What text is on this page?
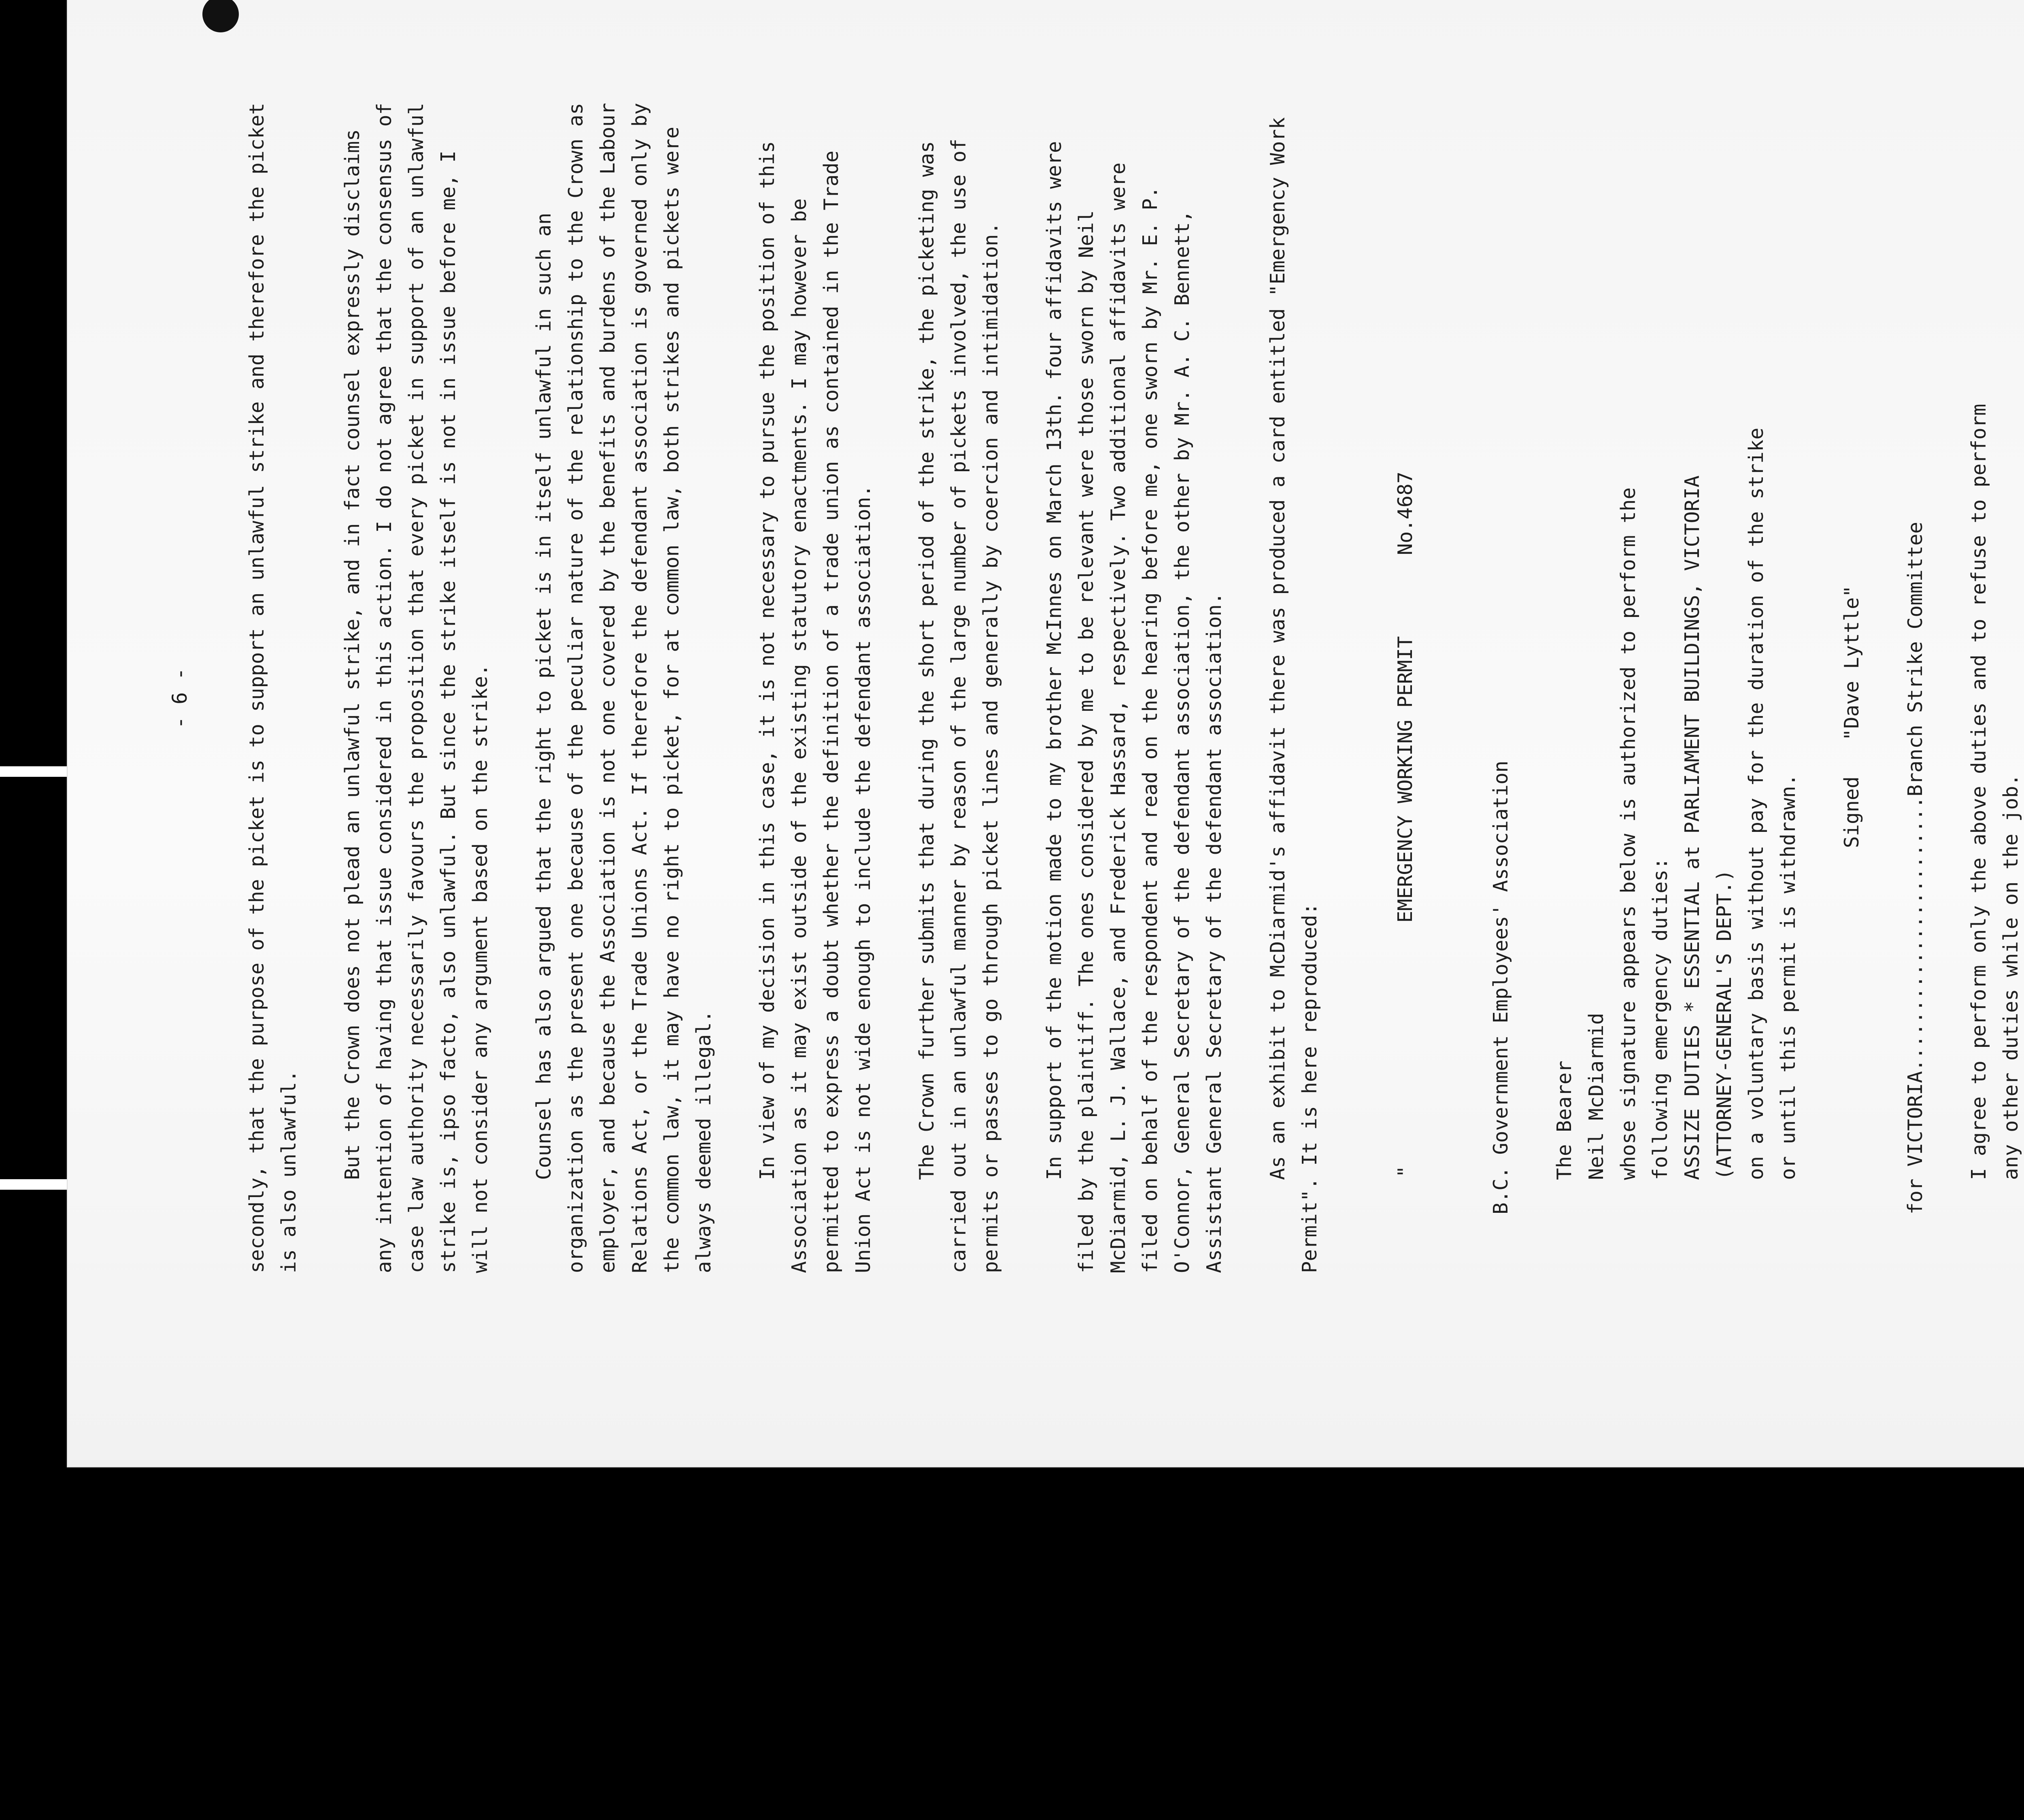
- 6 -	secondly, that the purpose of the picket is to support an unlawful strike and therefore the picket is also unlawful. But the Crown does not plead an unlawful strike, and in fact counsel expressly disclaims any intention of having that issue considered in this action. I do not agree that the consensus of case law authority necessarily favours the proposition that every picket in support of an unlawful strike is, ipso facto, also unlawful. But since the strike itself is not in issue before me, I will not consider any argument based on the strike. Counsel has also argued that the right to picket is in itself unlawful in such an organization as the present one because of the peculiar nature of the relationship to the Crown as employer, and because the Association is not one covered by the benefits and burdens of the Labour Relations Act, or the Trade Unions Act. If therefore the defendant association is governed only by the common law, it may have no right to picket, for at common law, both strikes and pickets were always deemed illegal. In view of my decision in this case, it is not necessary to pursue the position of this Association as it may exist outside of the existing statutory enactments. I may however be permitted to express a doubt whether the definition of a trade union as contained in the Trade Union Act is not wide enough to include the defendant association. The Crown further submits that during the short period of the strike, the picketing was carried out in an unlawful manner by reason of the large number of pickets involved, the use of permits or passes to go through picket lines and generally by coercion and intimidation. In support of the motion made to my brother McInnes on March 13th. four affidavits were filed by the plaintiff. The ones considered by me to be relevant were those sworn by Neil McDiarmid, L. J. Wallace, and Frederick Hassard, respectively. Two additional affidavits were filed on behalf of the respondent and read on the hearing before me, one sworn by Mr. E. P. O'Connor, General Secretary of the defendant association, the other by Mr. A. C. Bennett, Assistant General Secretary of the defendant association. As an exhibit to McDiarmid's affidavit there was produced a card entitled "Emergency Work Permit". It is here reproduced:	"EMERGENCY WORKING PERMITNo.4687

B.C. Government Employees' Association The Bearer Neil McDiarmid whose signature appears below is authorized to perform the following emergency duties: ASSIZE DUTIES * ESSENTIAL at PARLIAMENT BUILDINGS, VICTORIA (ATTORNEY-GENERAL'S DEPT.) on a voluntary basis without pay for the duration of the strike or until this permit is withdrawn.
Signed   "Dave Lyttle" for VICTORIA.......................Branch Strike Committee I agree to perform only the above duties and to refuse to perform any other duties while on the job.
